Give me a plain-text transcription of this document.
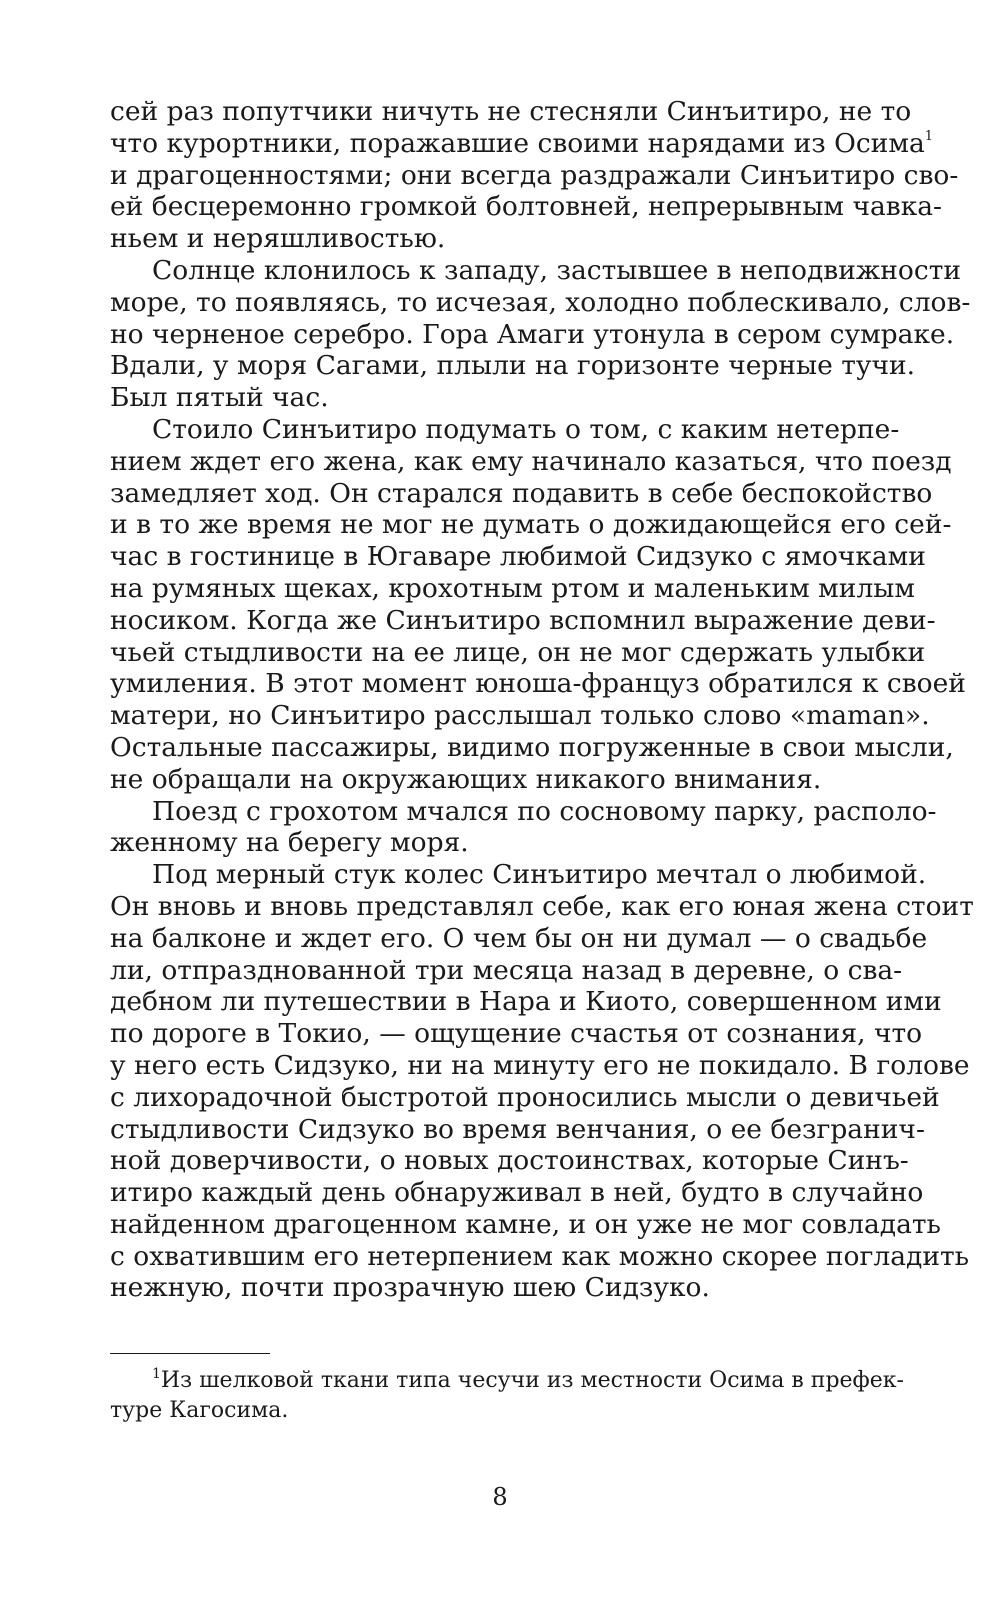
сей раз попутчики ничуть не стесняли Синъитиро, не то
что курортники, поражавшие своими нарядами из Осима$^1$
и драгоценностями; они всегда раздражали Синъитиро сво-
ей бесцеремонно громкой болтовней, непрерывным чавка-
ньем и неряшливостью.
Солнце клонилось к западу, застывшее в неподвижности
море, то появляясь, то исчезая, холодно поблескивало, слов-
но черненое серебро. Гора Амаги утонула в сером сумраке.
Вдали, у моря Сагами, плыли на горизонте черные тучи.
Был пятый час.
Стоило Синъитиро подумать о том, с каким нетерпе-
нием ждет его жена, как ему начинало казаться, что поезд
замедляет ход. Он старался подавить в себе беспокойство
и в то же время не мог не думать о дожидающейся его сей-
час в гостинице в Югаваре любимой Сидзуко с ямочками
на румяных щеках, крохотным ртом и маленьким милым
носиком. Когда же Синъитиро вспомнил выражение деви-
чьей стыдливости на ее лице, он не мог сдержать улыбки
умиления. В этот момент юноша-француз обратился к своей
матери, но Синъитиро расслышал только слово «maman».
Остальные пассажиры, видимо погруженные в свои мысли,
не обращали на окружающих никакого внимания.
Поезд с грохотом мчался по сосновому парку, располо-
женному на берегу моря.
Под мерный стук колес Синъитиро мечтал о любимой.
Он вновь и вновь представлял себе, как его юная жена стоит
на балконе и ждет его. О чем бы он ни думал — о свадьбе
ли, отпразднованной три месяца назад в деревне, о сва-
дебном ли путешествии в Нара и Киото, совершенном ими
по дороге в Токио, — ощущение счастья от сознания, что
у него есть Сидзуко, ни на минуту его не покидало. В голове
с лихорадочной быстротой проносились мысли о девичьей
стыдливости Сидзуко во время венчания, о ее безгранич-
ной доверчивости, о новых достоинствах, которые Синъ-
итиро каждый день обнаруживал в ней, будто в случайно
найденном драгоценном камне, и он уже не мог совладать
с охватившим его нетерпением как можно скорее погладить
нежную, почти прозрачную шею Сидзуко.
$^1$Из шелковой ткани типа чесучи из местности Осима в префек-
туре Кагосима.
8
